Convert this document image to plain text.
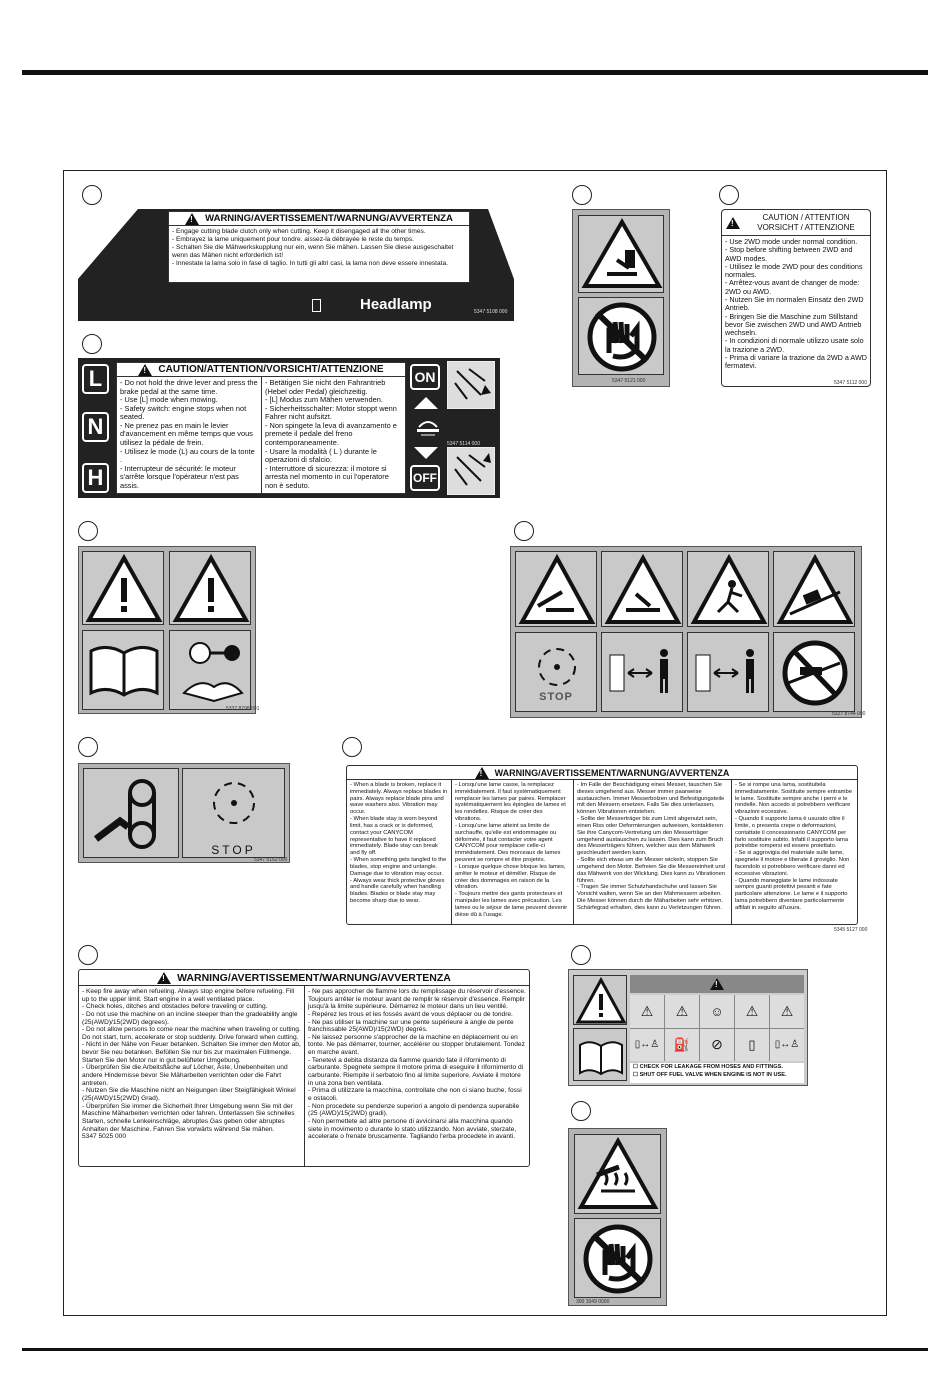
!
WARNING/AVERTISSEMENT/WARNUNG/AVVERTENZA
- Engage cutting blade clutch only when cutting. Keep it disengaged all the other times.
- Embrayez la lame uniquement pour tondre. aissez-la débrayée le reste du temps.
- Schalten Sie die Mähwerkskupplung nur ein, wenn Sie mähen. Lassen Sie diese ausgeschaltet wenn das Mähen nicht erforderlich ist!
- Innestate la lama solo in fase di taglio. In tutti gli altri casi, la lama non deve essere innestata.
Headlamp	5347 5108 000
L
N
H
!
CAUTION/ATTENTION/VORSICHT/ATTENZIONE
- Do not hold the drive lever and press the brake pedal at the same time.
- Use [L] mode when mowing.
- Safety switch: engine stops when not seated.
- Ne prenez pas en main le levier d'avancement en même temps que vous utilisez la pédale de frein.
- Utilisez le mode (L) au cours de la tonte .
- Interrupteur de sécurité: le moteur s'arrête lorsque l'opérateur n'est pas assis.
- Betätigen Sie nicht den Fahrantrieb (Hebel oder Pedal) gleichzeitig.
- [L] Modus zum Mähen verwenden.
- Sicherheitsschalter: Motor stoppt wenn Fahrer nicht aufsitzt.
- Non spingete la leva di avanzamento e premete il pedale del freno contemporaneamente.
- Usare la modalità ( L ) durante le operazioni di sfalcio.
- Interruttore di sicurezza: il motore si arresta nel momento in cui l'operatore non è seduto.
ON
OFF
5347 5114 000
5347 5121 000
!
CAUTION / ATTENTION VORSICHT / ATTENZIONE
- Use 2WD mode under normal condition.
- Stop before shifting between 2WD and AWD modes.
- Utilisez le mode 2WD pour des conditions normales.
- Arrêtez-vous avant de changer de mode: 2WD ou AWD.
- Nutzen Sie im normalen Einsatz den 2WD Antrieb.
- Bringen Sie die Maschine zum Stillstand bevor Sie zwischen 2WD und AWD Antrieb wechseln.
- In condizioni di normale utilizzo usate solo la trazione a 2WD.
- Prima di variare la trazione da 2WD a AWD fermatevi.
5347 5112 000
5337 8798 001
STOP
5327 8744 000
STOP
5347 5162 000
!
WARNING/AVERTISSEMENT/WARNUNG/AVVERTENZA
- When a blade is broken, replace it immediately. Always replace blades in pairs. Always replace blade pins and wave washers also. Vibration may occur.
- When blade stay is worn beyond limit, has a crack or is deformed, contact your CANYCOM representative to have it replaced immediately. Blade stay can break and fly off.
- When something gets tangled to the blades, stop engine and untangle. Damage due to vibration may occur.
- Always wear thick protective gloves and handle carefully when handling blades. Blades or blade stay may become sharp due to wear.
- Lorsqu'une lame casse, la remplacez immédiatement. Il faut systématiquement remplacer les lames par paires. Remplacer systématiquement les épingles de lames et les rondelles. Risque de créer des vibrations.
- Lorsqu'une lame atteint sa limite de surchauffe, qu'elle est endommagée ou déformée, il faut contacter votre agent CANYCOM pour remplacer celle-ci immédiatement. Des morceaux de lames peuvent se rompre et être projetés.
- Lorsque quelque chose bloque les lames, arrêter le moteur et démêler. Risque de créer des dommages en raison de la vibration.
- Toujours mettre des gants protecteurs et manipuler les lames avec précaution. Les lames ou le séjour de lame peuvent devenir dièse dû à l'usage.
- Im Falle der Beschädigung eines Messer, tauschen Sie dieses umgehend aus. Messer immer paarweise austauschen. Immer Messerbolzen und Befestigungsteile mit den Messern ersetzen. Falls Sie dies unterlassen, können Vibrationen entstehen.
- Sollte der Messerträger bis zum Limit abgenutzt sein, einen Riss oder Deformierungen aufweisen, kontaktieren Sie ihre Canycom-Vertretung um den Messerträger umgehend austauschen zu lassen. Dies kann zum Bruch des Messerträgers führen, welcher aus dem Mähwerk geschleudert werden kann.
- Sollte sich etwas um die Messer wickeln, stoppen Sie umgehend den Motor. Befreien Sie die Messereinheit und das Mähwerk von der Wicklung. Dies kann zu Vibrationen führen.
- Tragen Sie immer Schutzhandschuhe und lassen Sie Vorsicht walten, wenn Sie an den Mähmessern arbeiten. Die Messer können durch die Mäharbeiten sehr erhitzen. Schärfegrad erhalten, dies kann zu Verletzungen führen.
- Se si rompe una lama, sostituitela immediatamente. Sostituite sempre entrambe le lame. Sostituite sempre anche i perni e le rondelle. Non accedo si potrebbero verificare vibrazioni eccessive.
- Quando il supporto lama è usurato oltre il limite, o presenta crepe o deformazioni, contattate il concessionario CANYCOM per farlo sostituire subito. Infatti il supporto lama potrebbe rompersi ed essere proiettato.
- Se si aggrovigia del materiale sulle lame, spegnete il motore e liberate il groviglio. Non facendolo si potrebbero verificare danni ed eccessive vibrazioni.
- Quando maneggiate le lame indossate sempre guanti protettivi pesanti e fate particolare attenzione. Le lame e il supporto lama potrebbero diventare particolarmente affilati in seguito all'usura.
5345 5127 000
!
WARNING/AVERTISSEMENT/WARNUNG/AVVERTENZA
- Keep fire away when refueling. Always stop engine before refueling. Fill up to the upper limit. Start engine in a well ventilated place.
- Check holes, ditches and obstacles before traveling or cutting.
- Do not use the machine on an incline steeper than the gradeability angle (25(AWD)/15(2WD) degrees).
- Do not allow persons to come near the machine when traveling or cutting. Do not start, turn, accelerate or stop suddenly. Drive forward when cutting.
- Nicht in der Nähe von Feuer betanken. Schalten Sie immer den Motor ab, bevor Sie neu betanken. Befüllen Sie nur bis zur maximalen Füllmenge. Starten Sie den Motor nur in gut belüfteter Umgebung.
- Überprüfen Sie die Arbeitsfläche auf Löcher, Äste, Unebenheiten und andere Hindernisse bevor Sie Mäharbeiten verrichten oder die Fahrt antreten.
- Nutzen Sie die Maschine nicht an Neigungen über Steigfähigkeit Winkel (25(AWD)/15(2WD) Grad).
- Überprüfen Sie immer die Sicherheit Ihrer Umgebung wenn Sie mit der Maschine Mäharbeiten verrichten oder fahren. Unterlassen Sie schnelles Starten, schnelle Lenkeinschläge, abruptes Gas geben oder abruptes Anhalten der Maschine. Fahren Sie vorwärts während Sie mähen.
5347 5025 000
- Ne pas approcher de flamme lors du remplissage du réservoir d'essence. Toujours arrêter le moteur avant de remplir le réservoir d'essence. Remplir jusqu'à la limite supérieure. Démarrez le moteur dans un lieu ventilé.
- Repérez les trous et les fossés avant de vous déplacer ou de tondre.
- Ne pas utiliser la machine sur une pente supérieure à angle de pente franchissable 25(AWD)/15(2WD) degrés.
- Ne laissez personne s'approcher de la machine en déplacement ou en tonte. Ne pas démarrer, tourner, accélérer ou stopper brutalement. Tondez en marche avant.
- Tenetevi a debita distanza da fiamme quando fate il rifornimento di carburante. Spegnete sempre il motore prima di eseguire il rifornimento di carburante. Riempite il serbatoio fino al limite superiore. Avviate il motore in una zona ben ventilata.
- Prima di utilizzare la macchina, controllate che non ci siano buche, fossi e ostacoli.
- Non procedete su pendenze superiori a angolo di pendenza superabile (25 (AWD)/15(2WD) gradi).
- Non permettete ad altre persone di avvicinarsi alla macchina quando siete in movimento o durante lo stato utilizzando. Non avviate, sterzate, accelerate o frenate bruscamente. Tagliando l'erba procedete in avanti.
!
⚠	⚠	☺	⚠	⚠
▯↔♙	⛽	⊘	▯	▯↔♙
☐ CHECK FOR LEAKAGE FROM HOSES AND FITTINGS.
☐ SHUT OFF FUEL VALVE WHEN ENGINE IS NOT IN USE.
300 1049 0000
